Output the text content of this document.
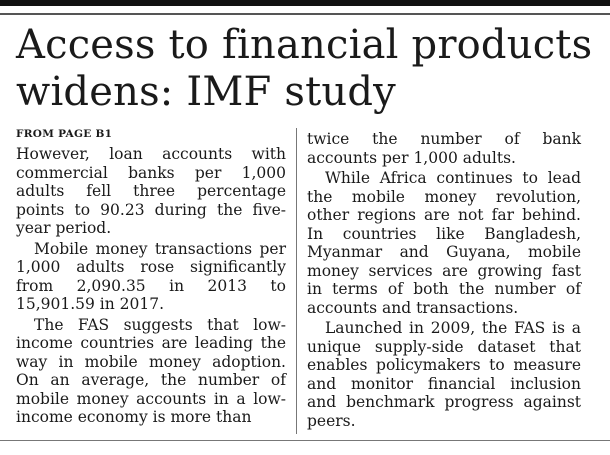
Access to financial products widens: IMF study
FROM PAGE B1

However, loan accounts with commercial banks per 1,000 adults fell three percentage points to 90.23 during the five-year period.

Mobile money transactions per 1,000 adults rose significantly from 2,090.35 in 2013 to 15,901.59 in 2017.

The FAS suggests that low-income countries are leading the way in mobile money adoption. On an average, the number of mobile money accounts in a low-income economy is more than

twice the number of bank accounts per 1,000 adults.

While Africa continues to lead the mobile money revolution, other regions are not far behind. In countries like Bangladesh, Myanmar and Guyana, mobile money services are growing fast in terms of both the number of accounts and transactions.

Launched in 2009, the FAS is a unique supply-side dataset that enables policymakers to measure and monitor financial inclusion and benchmark progress against peers.
